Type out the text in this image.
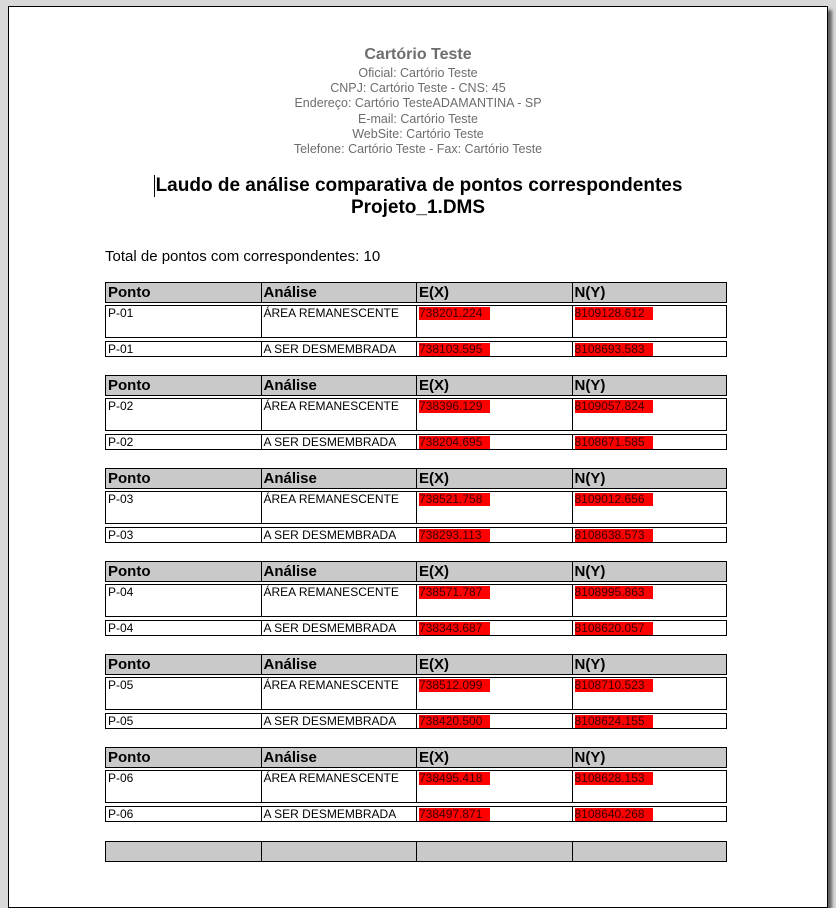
Cartório Teste
Oficial: Cartório Teste
CNPJ: Cartório Teste - CNS: 45
Endereço: Cartório TesteADAMANTINA - SP
E-mail: Cartório Teste
WebSite: Cartório Teste
Telefone: Cartório Teste - Fax: Cartório Teste
Laudo de análise comparativa de pontos correspondentes
Projeto_1.DMS
Total de pontos com correspondentes: 10
Ponto	Análise	E(X)	N(Y)
P-01	ÁREA REMANESCENTE	738201.224	8109128.612
P-01	A SER DESMEMBRADA	738103.595	8108693.583
Ponto	Análise	E(X)	N(Y)
P-02	ÁREA REMANESCENTE	738396.129	8109057.824
P-02	A SER DESMEMBRADA	738204.695	8108671.585
Ponto	Análise	E(X)	N(Y)
P-03	ÁREA REMANESCENTE	738521.758	8109012.656
P-03	A SER DESMEMBRADA	738293.113	8108638.573
Ponto	Análise	E(X)	N(Y)
P-04	ÁREA REMANESCENTE	738571.787	8108995.863
P-04	A SER DESMEMBRADA	738343.687	8108620.057
Ponto	Análise	E(X)	N(Y)
P-05	ÁREA REMANESCENTE	738512.099	8108710.523
P-05	A SER DESMEMBRADA	738420.500	8108624.155
Ponto	Análise	E(X)	N(Y)
P-06	ÁREA REMANESCENTE	738495.418	8108628.153
P-06	A SER DESMEMBRADA	738497.871	8108640.268
